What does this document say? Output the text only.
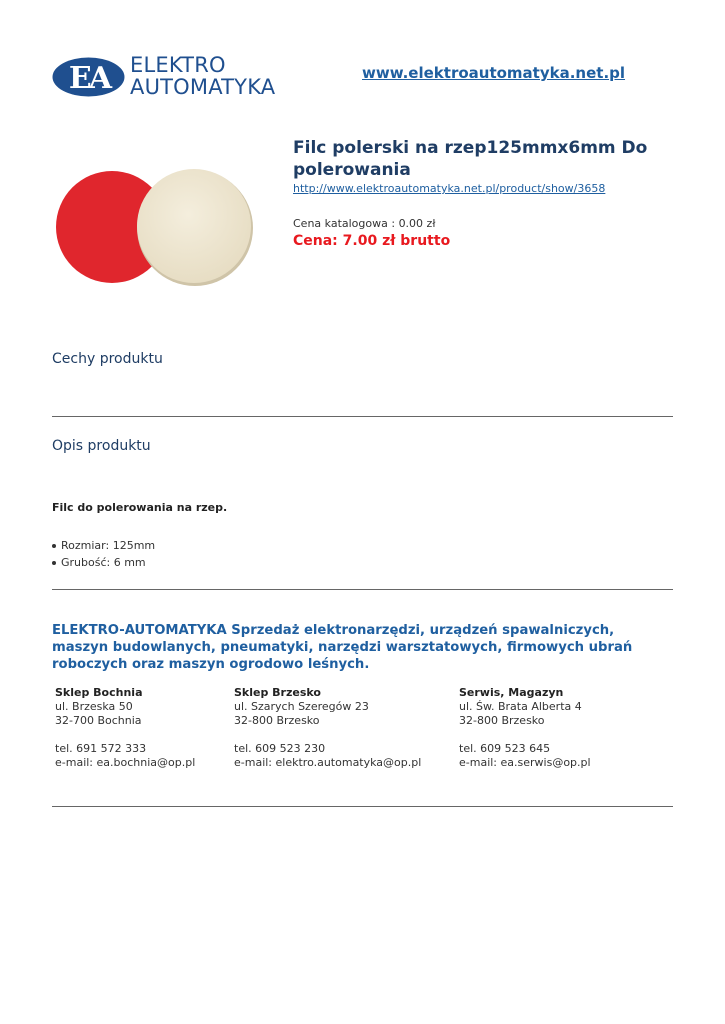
EA ELEKTRO
AUTOMATYKA
www.elektroautomatyka.net.pl
Filc polerski na rzep125mmx6mm Do polerowania
http://www.elektroautomatyka.net.pl/product/show/3658
Cena katalogowa : 0.00 zł
Cena: 7.00 zł brutto
Cechy produktu
Opis produktu
Filc do polerowania na rzep.
Rozmiar: 125mm
Grubość: 6 mm
ELEKTRO-AUTOMATYKA Sprzedaż elektronarzędzi, urządzeń spawalniczych, maszyn budowlanych, pneumatyki, narzędzi warsztatowych, firmowych ubrań roboczych oraz maszyn ogrodowo leśnych.
Sklep Bochnia
ul. Brzeska 50
32-700 Bochnia
tel. 691 572 333
e-mail: ea.bochnia@op.pl
Sklep Brzesko
ul. Szarych Szeregów 23
32-800 Brzesko
tel. 609 523 230
e-mail: elektro.automatyka@op.pl
Serwis, Magazyn
ul. Św. Brata Alberta 4
32-800 Brzesko
tel. 609 523 645
e-mail: ea.serwis@op.pl
